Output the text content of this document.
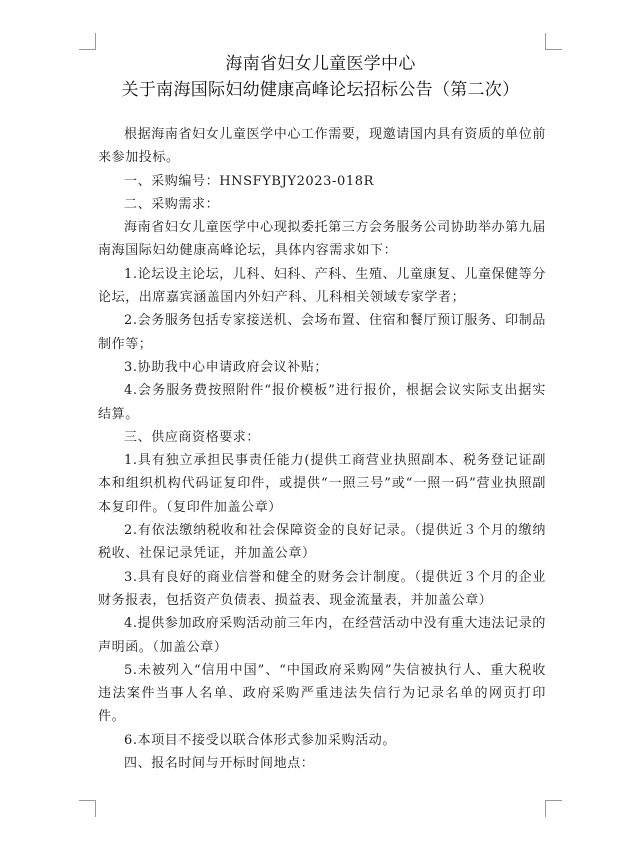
海南省妇女儿童医学中心
关于南海国际妇幼健康高峰论坛招标公告（第二次）

根据海南省妇女儿童医学中心工作需要，现邀请国内具有资质的单位前来参加投标。

一、采购编号：HNSFYBJY2023-018R

二、采购需求：

海南省妇女儿童医学中心现拟委托第三方会务服务公司协助举办第九届南海国际妇幼健康高峰论坛，具体内容需求如下：

1.论坛设主论坛，儿科、妇科、产科、生殖、儿童康复、儿童保健等分论坛，出席嘉宾涵盖国内外妇产科、儿科相关领域专家学者；

2.会务服务包括专家接送机、会场布置、住宿和餐厅预订服务、印制品制作等；

3.协助我中心申请政府会议补贴；

4.会务服务费按照附件“报价模板”进行报价，根据会议实际支出据实结算。

三、供应商资格要求：

1.具有独立承担民事责任能力(提供工商营业执照副本、税务登记证副本和组织机构代码证复印件，或提供“一照三号”或“一照一码”营业执照副本复印件。（复印件加盖公章）

2.有依法缴纳税收和社会保障资金的良好记录。（提供近３个月的缴纳税收、社保记录凭证，并加盖公章）

3.具有良好的商业信誉和健全的财务会计制度。（提供近３个月的企业财务报表，包括资产负债表、损益表、现金流量表，并加盖公章）

4.提供参加政府采购活动前三年内，在经营活动中没有重大违法记录的声明函。（加盖公章）

5.未被列入“信用中国”、“中国政府采购网”失信被执行人、重大税收违法案件当事人名单、政府采购严重违法失信行为记录名单的网页打印件。

6.本项目不接受以联合体形式参加采购活动。

四、报名时间与开标时间地点：
